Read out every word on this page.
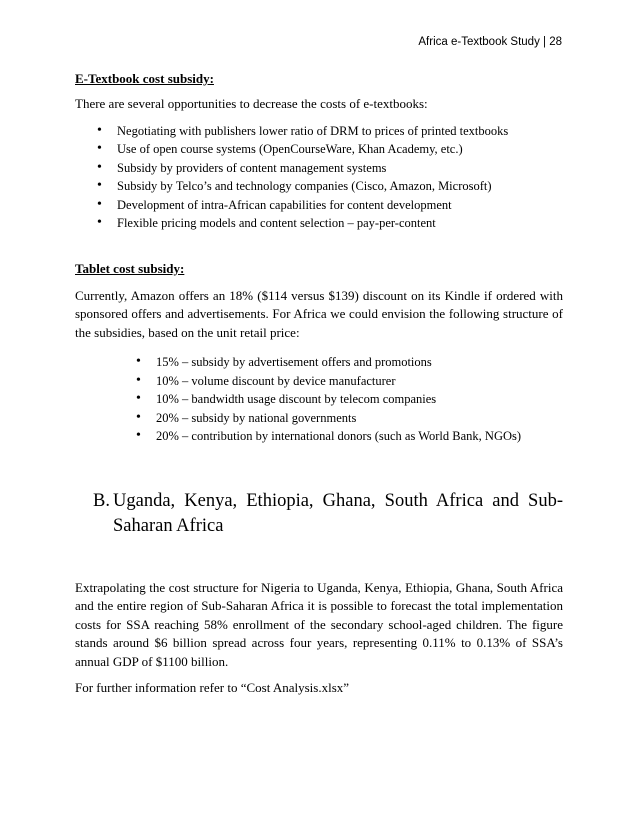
Africa e-Textbook Study | 28

E-Textbook cost subsidy:

There are several opportunities to decrease the costs of e-textbooks:

• Negotiating with publishers lower ratio of DRM to prices of printed textbooks
• Use of open course systems (OpenCourseWare, Khan Academy, etc.)
• Subsidy by providers of content management systems
• Subsidy by Telco’s and technology companies (Cisco, Amazon, Microsoft)
• Development of intra-African capabilities for content development
• Flexible pricing models and content selection – pay-per-content

Tablet cost subsidy:

Currently, Amazon offers an 18% ($114 versus $139) discount on its Kindle if ordered with sponsored offers and advertisements. For Africa we could envision the following structure of the subsidies, based on the unit retail price:

• 15% – subsidy by advertisement offers and promotions
• 10% – volume discount by device manufacturer
• 10% – bandwidth usage discount by telecom companies
• 20% – subsidy by national governments
• 20% – contribution by international donors (such as World Bank, NGOs)
B. Uganda, Kenya, Ethiopia, Ghana, South Africa and Sub-Saharan Africa

Extrapolating the cost structure for Nigeria to Uganda, Kenya, Ethiopia, Ghana, South Africa and the entire region of Sub-Saharan Africa it is possible to forecast the total implementation costs for SSA reaching 58% enrollment of the secondary school-aged children. The figure stands around $6 billion spread across four years, representing 0.11% to 0.13% of SSA’s annual GDP of $1100 billion.

For further information refer to “Cost Analysis.xlsx”
